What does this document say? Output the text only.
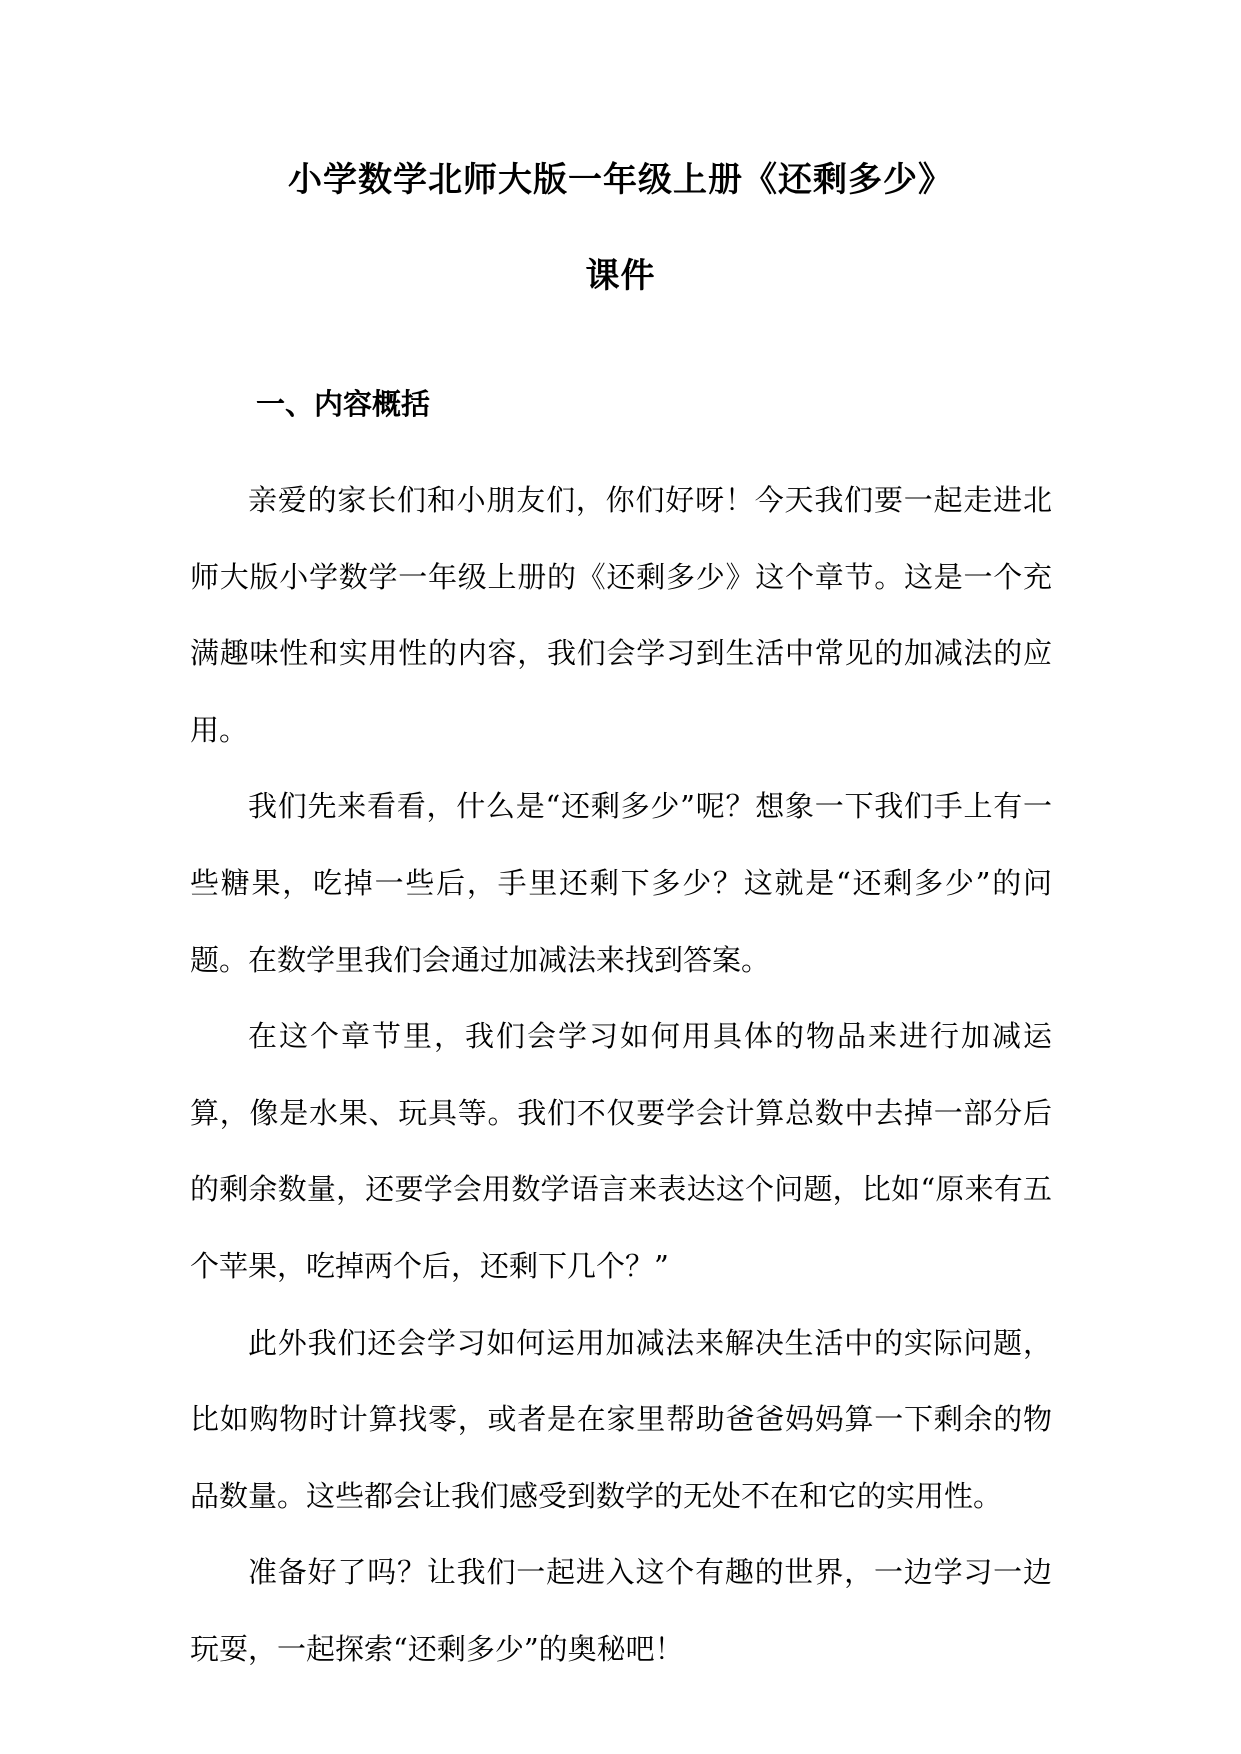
小学数学北师大版一年级上册《还剩多少》
课件
一、内容概括

亲爱的家长们和小朋友们，你们好呀！今天我们要一起走进北师大版小学数学一年级上册的《还剩多少》这个章节。这是一个充满趣味性和实用性的内容，我们会学习到生活中常见的加减法的应用。

我们先来看看，什么是“还剩多少”呢？想象一下我们手上有一些糖果，吃掉一些后，手里还剩下多少？这就是“还剩多少”的问题。在数学里我们会通过加减法来找到答案。

在这个章节里，我们会学习如何用具体的物品来进行加减运算，像是水果、玩具等。我们不仅要学会计算总数中去掉一部分后的剩余数量，还要学会用数学语言来表达这个问题，比如“原来有五个苹果，吃掉两个后，还剩下几个？”

此外我们还会学习如何运用加减法来解决生活中的实际问题，比如购物时计算找零，或者是在家里帮助爸爸妈妈算一下剩余的物品数量。这些都会让我们感受到数学的无处不在和它的实用性。

准备好了吗？让我们一起进入这个有趣的世界，一边学习一边玩耍，一起探索“还剩多少”的奥秘吧！
